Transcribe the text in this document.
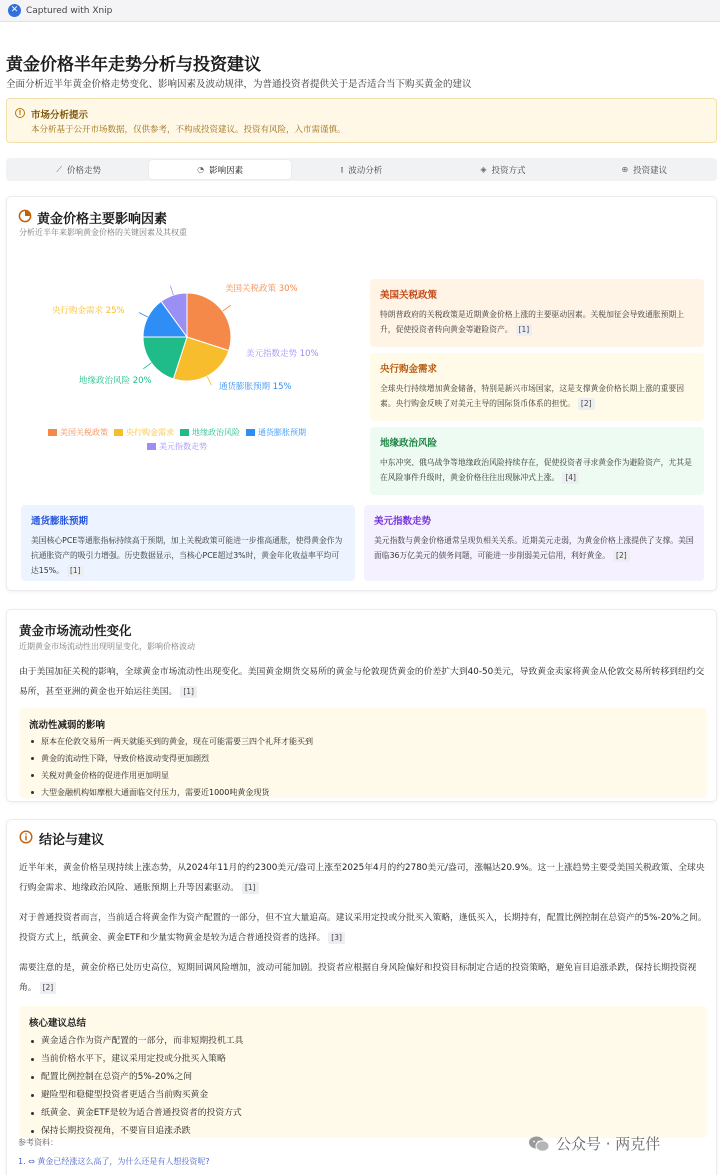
✕ Captured with Xnip
黄金价格半年走势分析与投资建议
全面分析近半年黄金价格走势变化、影响因素及波动规律，为普通投资者提供关于是否适合当下购买黄金的建议
! 市场分析提示
本分析基于公开市场数据，仅供参考，不构成投资建议。投资有风险，入市需谨慎。
⟋ 价格走势	◔ 影响因素	⫾ 波动分析	◈ 投资方式	⊕ 投资建议
黄金价格主要影响因素
分析近半年来影响黄金价格的关键因素及其权重
美国关税政策 30%
央行购金需求 25%
地缘政治风险 20%
通货膨胀预期 15%
美元指数走势 10%
美国关税政策 央行购金需求 地缘政治风险 通货膨胀预期
美元指数走势
美国关税政策
特朗普政府的关税政策是近期黄金价格上涨的主要驱动因素。关税加征会导致通胀预期上升，促使投资者转向黄金等避险资产。 [1]
央行购金需求
全球央行持续增加黄金储备，特别是新兴市场国家，这是支撑黄金价格长期上涨的重要因素。央行购金反映了对美元主导的国际货币体系的担忧。 [2]
地缘政治风险
中东冲突、俄乌战争等地缘政治风险持续存在，促使投资者寻求黄金作为避险资产，尤其是在风险事件升级时，黄金价格往往出现脉冲式上涨。 [4]
通货膨胀预期
美国核心PCE等通胀指标持续高于预期，加上关税政策可能进一步推高通胀，使得黄金作为抗通胀资产的吸引力增强。历史数据显示，当核心PCE超过3%时，黄金年化收益率平均可达15%。 [1]
美元指数走势
美元指数与黄金价格通常呈现负相关关系。近期美元走弱，为黄金价格上涨提供了支撑。美国面临36万亿美元的债务问题，可能进一步削弱美元信用，利好黄金。 [2]
黄金市场流动性变化
近期黄金市场流动性出现明显变化，影响价格波动
由于美国加征关税的影响，全球黄金市场流动性出现变化。美国黄金期货交易所的黄金与伦敦现货黄金的价差扩大到40-50美元，导致黄金卖家将黄金从伦敦交易所转移到纽约交易所，甚至亚洲的黄金也开始运往美国。 [1]
流动性减弱的影响
原本在伦敦交易所一两天就能买到的黄金，现在可能需要三四个礼拜才能买到
黄金的流动性下降，导致价格波动变得更加剧烈
关税对黄金价格的促进作用更加明显
大型金融机构如摩根大通面临交付压力，需要近1000吨黄金现货
结论与建议
近半年来，黄金价格呈现持续上涨态势，从2024年11月的约2300美元/盎司上涨至2025年4月的约2780美元/盎司，涨幅达20.9%。这一上涨趋势主要受美国关税政策、全球央行购金需求、地缘政治风险、通胀预期上升等因素驱动。 [1]
对于普通投资者而言，当前适合将黄金作为资产配置的一部分，但不宜大量追高。建议采用定投或分批买入策略，逢低买入，长期持有，配置比例控制在总资产的5%-20%之间。投资方式上，纸黄金、黄金ETF和少量实物黄金是较为适合普通投资者的选择。 [3]
需要注意的是，黄金价格已处历史高位，短期回调风险增加，波动可能加剧。投资者应根据自身风险偏好和投资目标制定合适的投资策略，避免盲目追涨杀跌，保持长期投资视角。 [2]
核心建议总结
黄金适合作为资产配置的一部分，而非短期投机工具
当前价格水平下，建议采用定投或分批买入策略
配置比例控制在总资产的5%-20%之间
避险型和稳健型投资者更适合当前购买黄金
纸黄金、黄金ETF是较为适合普通投资者的投资方式
保持长期投资视角，不要盲目追涨杀跌
参考资料：
1. ⇔ 黄金已经涨这么高了，为什么还是有人想投资呢?
公众号 · 两克伴
